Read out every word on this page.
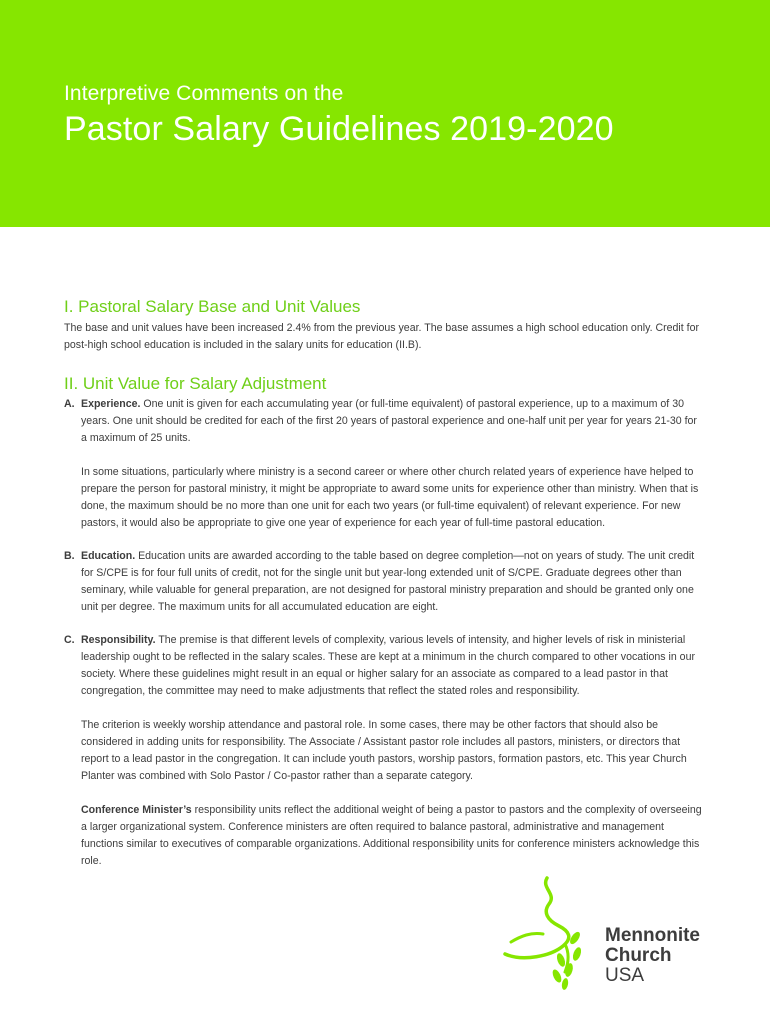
Interpretive Comments on the
Pastor Salary Guidelines 2019-2020
I. Pastoral Salary Base and Unit Values

The base and unit values have been increased 2.4% from the previous year. The base assumes a high school education only. Credit for post-high school education is included in the salary units for education (II.B).

II. Unit Value for Salary Adjustment
A. Experience. One unit is given for each accumulating year (or full-time equivalent) of pastoral experience, up to a maximum of 30 years. One unit should be credited for each of the first 20 years of pastoral experience and one-half unit per year for years 21-30 for a maximum of 25 units.

In some situations, particularly where ministry is a second career or where other church related years of experience have helped to prepare the person for pastoral ministry, it might be appropriate to award some units for experience other than ministry. When that is done, the maximum should be no more than one unit for each two years (or full-time equivalent) of relevant experience. For new pastors, it would also be appropriate to give one year of experience for each year of full-time pastoral education.

B. Education. Education units are awarded according to the table based on degree completion—not on years of study. The unit credit for S/CPE is for four full units of credit, not for the single unit but year-long extended unit of S/CPE. Graduate degrees other than seminary, while valuable for general preparation, are not designed for pastoral ministry preparation and should be granted only one unit per degree. The maximum units for all accumulated education are eight.

C. Responsibility. The premise is that different levels of complexity, various levels of intensity, and higher levels of risk in ministerial leadership ought to be reflected in the salary scales. These are kept at a minimum in the church compared to other vocations in our society. Where these guidelines might result in an equal or higher salary for an associate as compared to a lead pastor in that congregation, the committee may need to make adjustments that reflect the stated roles and responsibility.

The criterion is weekly worship attendance and pastoral role. In some cases, there may be other factors that should also be considered in adding units for responsibility. The Associate / Assistant pastor role includes all pastors, ministers, or directors that report to a lead pastor in the congregation. It can include youth pastors, worship pastors, formation pastors, etc. This year Church Planter was combined with Solo Pastor / Co-pastor rather than a separate category.

Conference Minister’s responsibility units reflect the additional weight of being a pastor to pastors and the complexity of overseeing a larger organizational system. Conference ministers are often required to balance pastoral, administrative and management functions similar to executives of comparable organizations. Additional responsibility units for conference ministers acknowledge this role.

Mennonite
Church
USA
